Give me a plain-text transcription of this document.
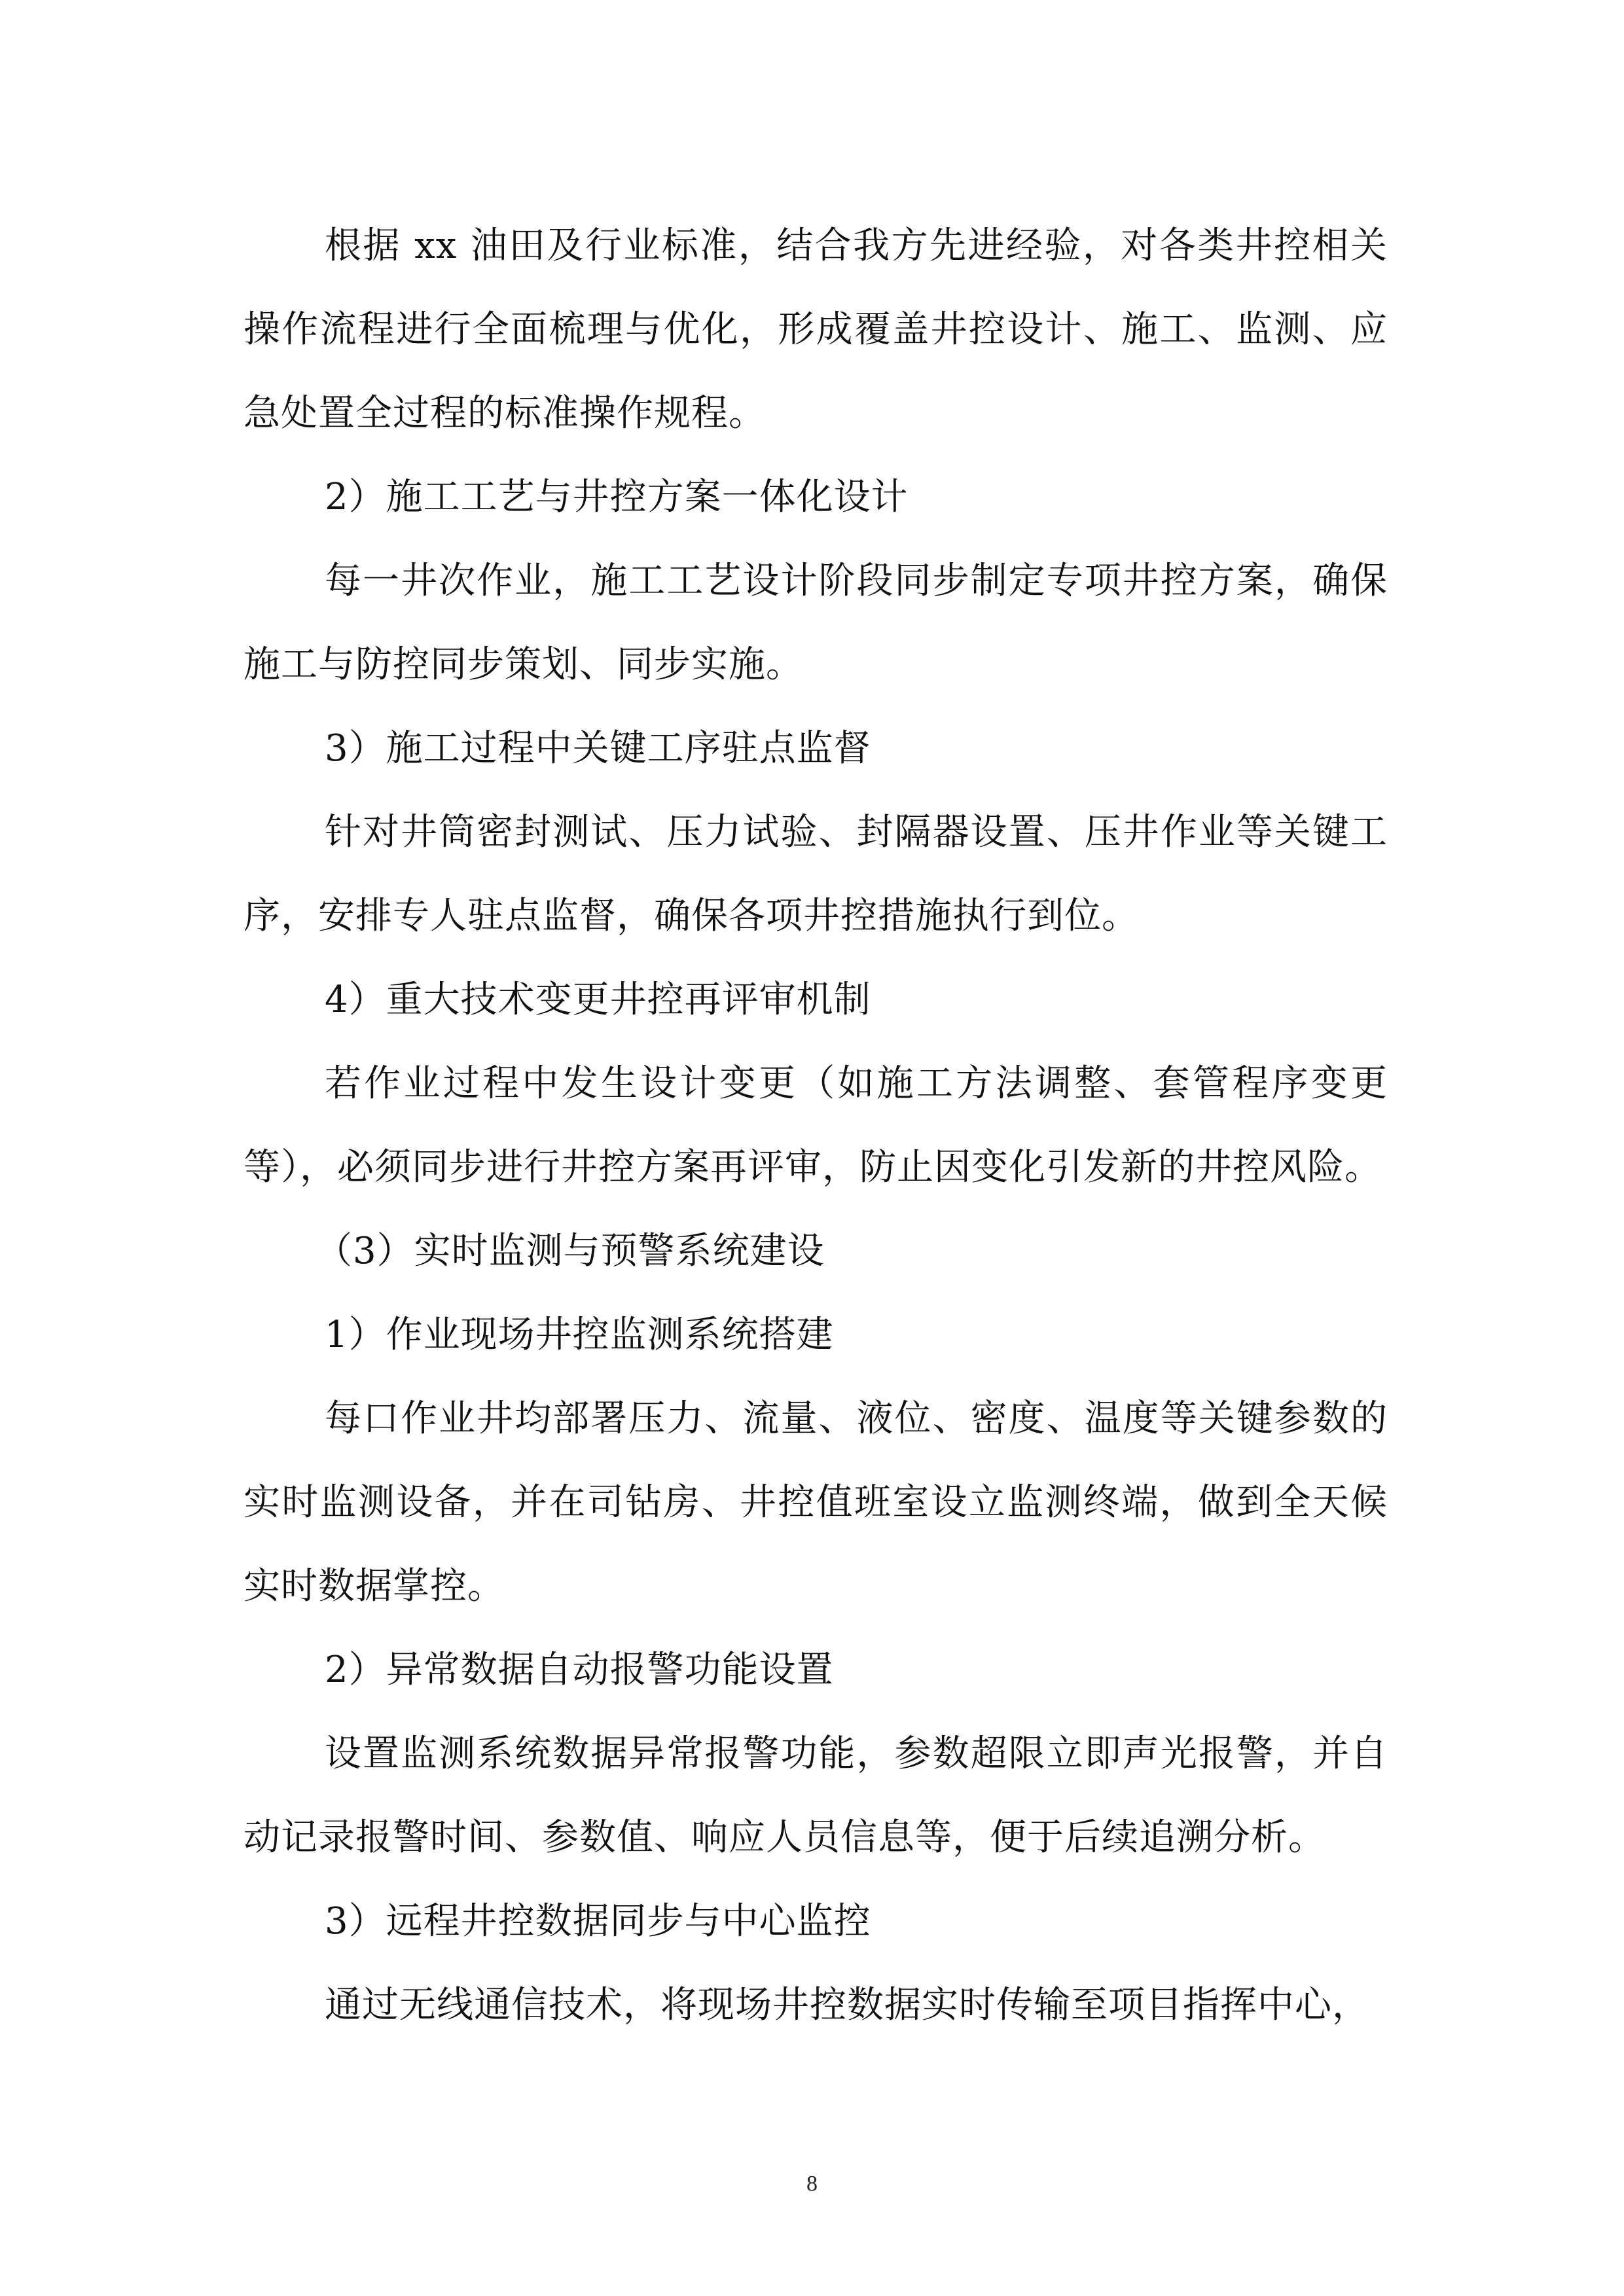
根据 xx 油田及行业标准，结合我方先进经验，对各类井控相关操作流程进行全面梳理与优化，形成覆盖井控设计、施工、监测、应急处置全过程的标准操作规程。

2）施工工艺与井控方案一体化设计

每一井次作业，施工工艺设计阶段同步制定专项井控方案，确保施工与防控同步策划、同步实施。

3）施工过程中关键工序驻点监督

针对井筒密封测试、压力试验、封隔器设置、压井作业等关键工序，安排专人驻点监督，确保各项井控措施执行到位。

4）重大技术变更井控再评审机制

若作业过程中发生设计变更（如施工方法调整、套管程序变更等），必须同步进行井控方案再评审，防止因变化引发新的井控风险。

（3）实时监测与预警系统建设

1）作业现场井控监测系统搭建

每口作业井均部署压力、流量、液位、密度、温度等关键参数的实时监测设备，并在司钻房、井控值班室设立监测终端，做到全天候实时数据掌控。

2）异常数据自动报警功能设置

设置监测系统数据异常报警功能，参数超限立即声光报警，并自动记录报警时间、参数值、响应人员信息等，便于后续追溯分析。

3）远程井控数据同步与中心监控

通过无线通信技术，将现场井控数据实时传输至项目指挥中心，

8
